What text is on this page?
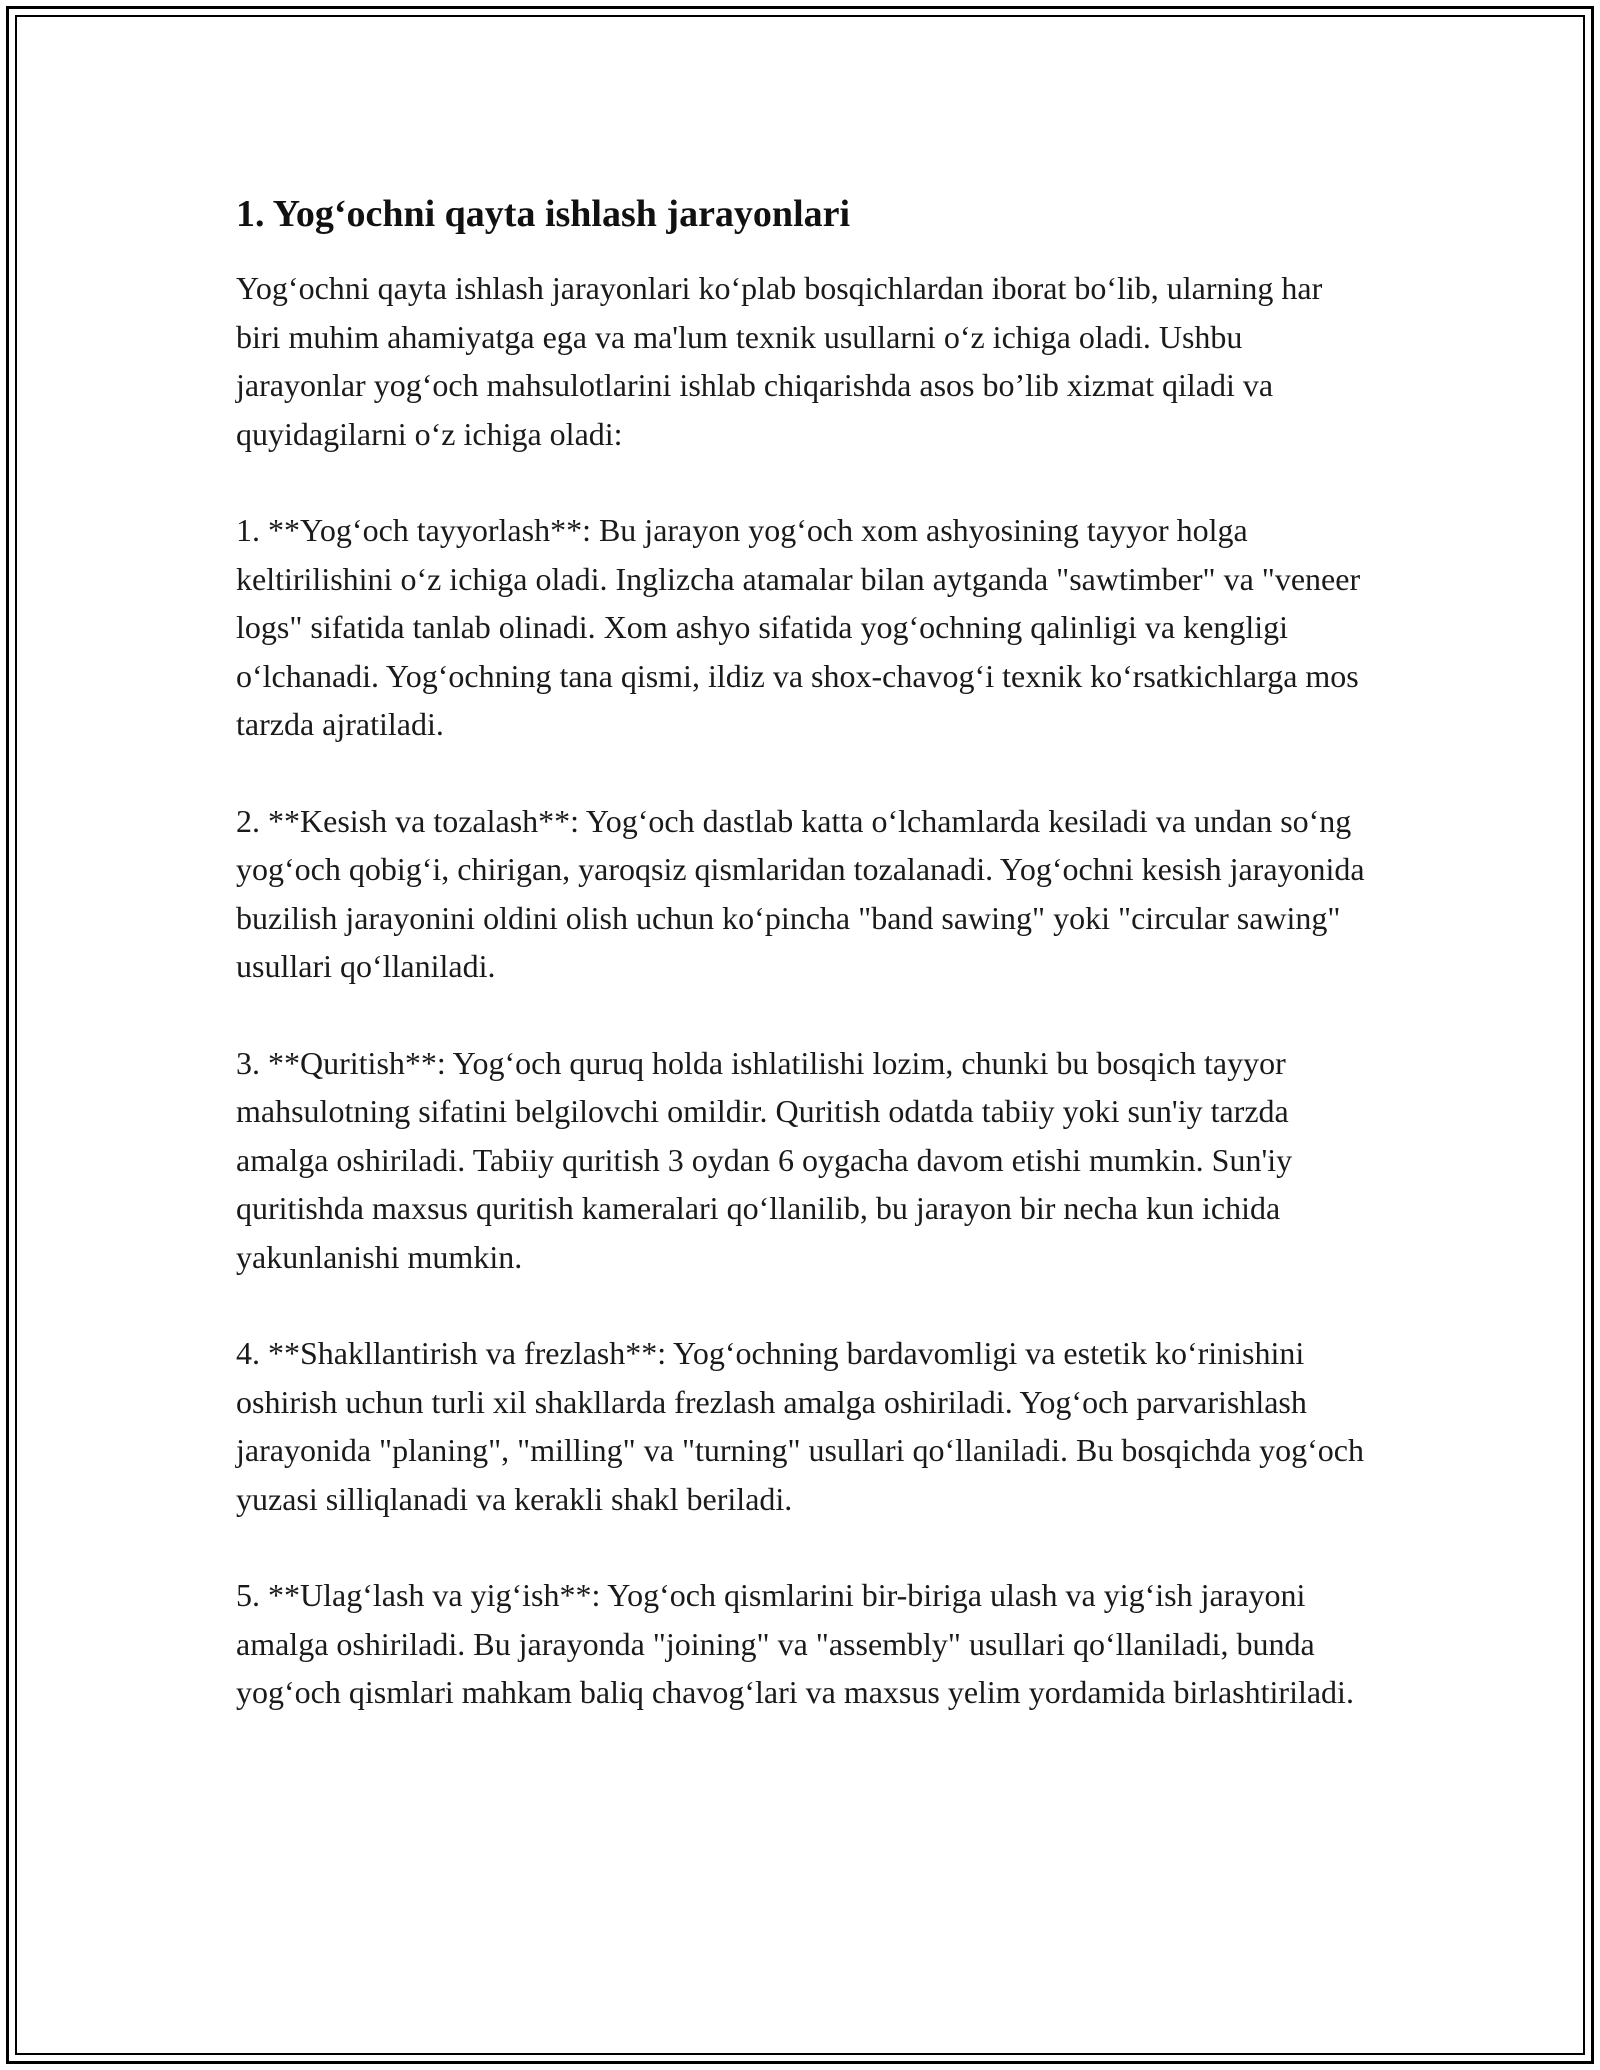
1. Yog‘ochni qayta ishlash jarayonlari

Yog‘ochni qayta ishlash jarayonlari ko‘plab bosqichlardan iborat bo‘lib, ularning har biri muhim ahamiyatga ega va ma'lum texnik usullarni o‘z ichiga oladi. Ushbu jarayonlar yog‘och mahsulotlarini ishlab chiqarishda asos bo’lib xizmat qiladi va quyidagilarni o‘z ichiga oladi:

1. **Yog‘och tayyorlash**: Bu jarayon yog‘och xom ashyosining tayyor holga keltirilishini o‘z ichiga oladi. Inglizcha atamalar bilan aytganda "sawtimber" va "veneer logs" sifatida tanlab olinadi. Xom ashyo sifatida yog‘ochning qalinligi va kengligi o‘lchanadi. Yog‘ochning tana qismi, ildiz va shox-chavog‘i texnik ko‘rsatkichlarga mos tarzda ajratiladi.

2. **Kesish va tozalash**: Yog‘och dastlab katta o‘lchamlarda kesiladi va undan so‘ng yog‘och qobig‘i, chirigan, yaroqsiz qismlaridan tozalanadi. Yog‘ochni kesish jarayonida buzilish jarayonini oldini olish uchun ko‘pincha "band sawing" yoki "circular sawing" usullari qo‘llaniladi.

3. **Quritish**: Yog‘och quruq holda ishlatilishi lozim, chunki bu bosqich tayyor mahsulotning sifatini belgilovchi omildir. Quritish odatda tabiiy yoki sun'iy tarzda amalga oshiriladi. Tabiiy quritish 3 oydan 6 oygacha davom etishi mumkin. Sun'iy quritishda maxsus quritish kameralari qo‘llanilib, bu jarayon bir necha kun ichida yakunlanishi mumkin.

4. **Shakllantirish va frezlash**: Yog‘ochning bardavomligi va estetik ko‘rinishini oshirish uchun turli xil shakllarda frezlash amalga oshiriladi. Yog‘och parvarishlash jarayonida "planing", "milling" va "turning" usullari qo‘llaniladi. Bu bosqichda yog‘och yuzasi silliqlanadi va kerakli shakl beriladi.

5. **Ulag‘lash va yig‘ish**: Yog‘och qismlarini bir-biriga ulash va yig‘ish jarayoni amalga oshiriladi. Bu jarayonda "joining" va "assembly" usullari qo‘llaniladi, bunda yog‘och qismlari mahkam baliq chavog‘lari va maxsus yelim yordamida birlashtiriladi.
